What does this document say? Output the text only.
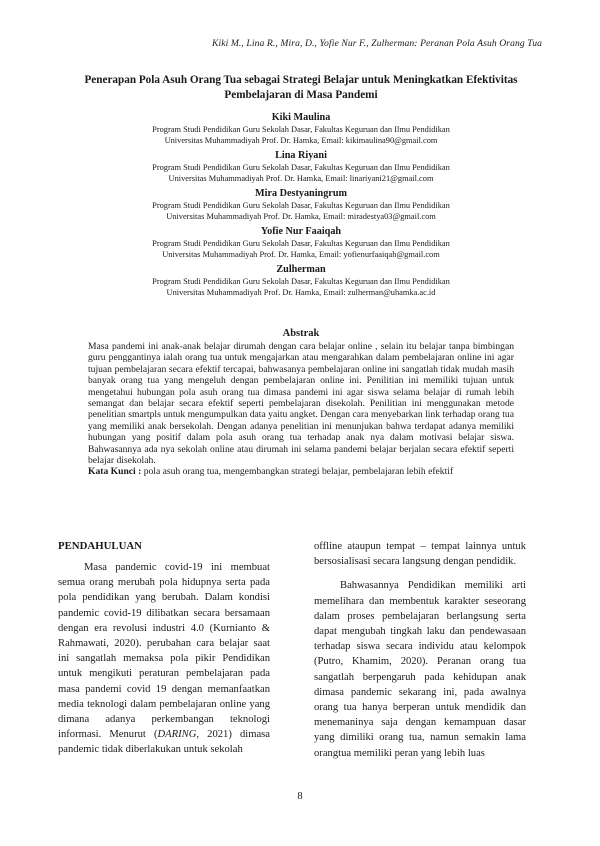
Kiki M., Lina R., Mira, D., Yofie Nur F., Zulherman: Peranan Pola Asuh Orang Tua
Penerapan Pola Asuh Orang Tua sebagai Strategi Belajar untuk Meningkatkan Efektivitas Pembelajaran di Masa Pandemi
Kiki Maulina
Program Studi Pendidikan Guru Sekolah Dasar, Fakultas Keguruan dan Ilmu Pendidikan
Universitas Muhammadiyah Prof. Dr. Hamka, Email: kikimaulina90@gmail.com
Lina Riyani
Program Studi Pendidikan Guru Sekolah Dasar, Fakultas Keguruan dan Ilmu Pendidikan
Universitas Muhammadiyah Prof. Dr. Hamka, Email: linariyani21@gmail.com
Mira Destyaningrum
Program Studi Pendidikan Guru Sekolah Dasar, Fakultas Keguruan dan Ilmu Pendidikan
Universitas Muhammadiyah Prof. Dr. Hamka, Email: miradestya03@gmail.com
Yofie Nur Faaiqah
Program Studi Pendidikan Guru Sekolah Dasar, Fakultas Keguruan dan Ilmu Pendidikan
Universitas Muhammadiyah Prof. Dr. Hamka, Email: yofienurfaaiqah@gmail.com
Zulherman
Program Studi Pendidikan Guru Sekolah Dasar, Fakultas Keguruan dan Ilmu Pendidikan
Universitas Muhammadiyah Prof. Dr. Hamka, Email: zulherman@uhamka.ac.id
Abstrak
Masa pandemi ini anak-anak belajar dirumah dengan cara belajar online , selain itu belajar tanpa bimbingan guru penggantinya ialah orang tua untuk mengajarkan atau mengarahkan dalam pembelajaran online ini agar tujuan pembelajaran secara efektif tercapai, bahwasanya pembelajaran online ini sangatlah tidak mudah masih banyak orang tua yang mengeluh dengan pembelajaran online ini. Penilitian ini memiliki tujuan untuk mengetahui hubungan pola asuh orang tua dimasa pandemi ini agar siswa selama belajar di rumah lebih semangat dan belajar secara efektif seperti pembelajaran disekolah. Penilitian ini menggunakan metode penelitian smartpls untuk mengumpulkan data yaitu angket. Dengan cara menyebarkan link terhadap orang tua yang memiliki anak bersekolah. Dengan adanya penelitian ini menunjukan bahwa terdapat adanya memiliki hubungan yang positif dalam pola asuh orang tua terhadap anak nya dalam motivasi belajar siswa. Bahwasannya ada nya sekolah online atau dirumah ini selama pandemi belajar berjalan secara efektif seperti belajar disekolah.
Kata Kunci : pola asuh orang tua, mengembangkan strategi belajar, pembelajaran lebih efektif
PENDAHULUAN

Masa pandemic covid-19 ini membuat semua orang merubah pola hidupnya serta pada pola pendidikan yang berubah. Dalam kondisi pandemic covid-19 dilibatkan secara bersamaan dengan era revolusi industri 4.0 (Kurnianto & Rahmawati, 2020). perubahan cara belajar saat ini sangatlah memaksa pola pikir Pendidikan untuk mengikuti peraturan pembelajaran pada masa pandemi covid 19 dengan memanfaatkan media teknologi dalam pembelajaran online yang dimana adanya perkembangan teknologi informasi. Menurut (DARING, 2021) dimasa pandemic tidak diberlakukan untuk sekolah

offline ataupun tempat – tempat lainnya untuk bersosialisasi secara langsung dengan pendidik.

Bahwasannya Pendidikan memiliki arti memelihara dan membentuk karakter seseorang dalam proses pembelajaran berlangsung serta dapat mengubah tingkah laku dan pendewasaan terhadap siswa secara individu atau kelompok (Putro, Khamim, 2020). Peranan orang tua sangatlah berpengaruh pada kehidupan anak dimasa pandemic sekarang ini, pada awalnya orang tua hanya berperan untuk mendidik dan menemaninya saja dengan kemampuan dasar yang dimiliki orang tua, namun semakin lama orangtua memiliki peran yang lebih luas

8
